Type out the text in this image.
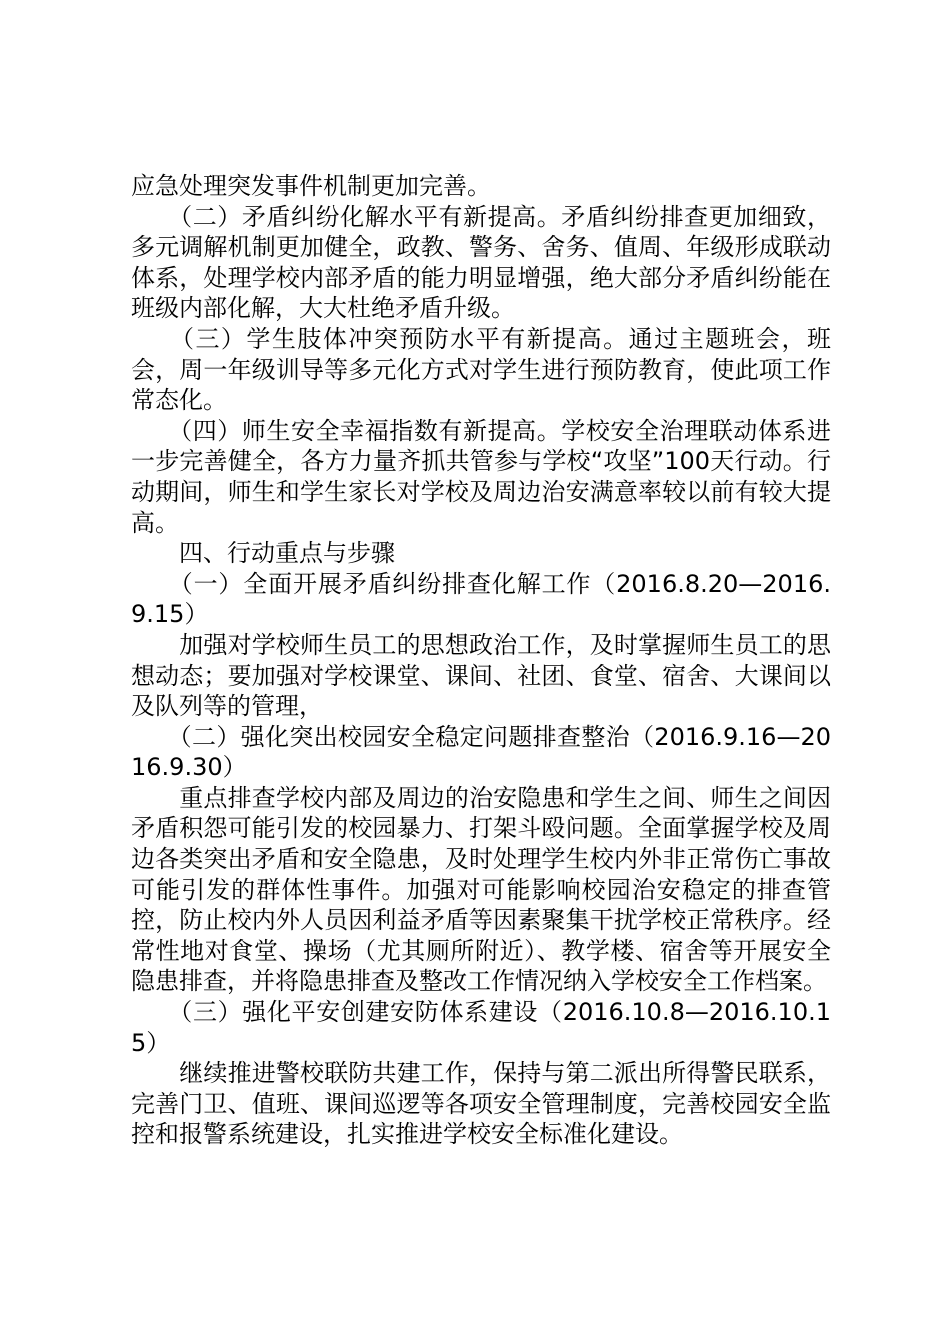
应急处理突发事件机制更加完善。

　　（二）矛盾纠纷化解水平有新提高。矛盾纠纷排查更加细致，多元调解机制更加健全，政教、警务、舍务、值周、年级形成联动体系，处理学校内部矛盾的能力明显增强，绝大部分矛盾纠纷能在班级内部化解，大大杜绝矛盾升级。

　　（三）学生肢体冲突预防水平有新提高。通过主题班会，班会，周一年级训导等多元化方式对学生进行预防教育，使此项工作常态化。

　　（四）师生安全幸福指数有新提高。学校安全治理联动体系进一步完善健全，各方力量齐抓共管参与学校“攻坚”100天行动。行动期间，师生和学生家长对学校及周边治安满意率较以前有较大提高。

　　四、行动重点与步骤

　　（一）全面开展矛盾纠纷排查化解工作（2016.8.20—2016.9.15）

　　加强对学校师生员工的思想政治工作，及时掌握师生员工的思想动态；要加强对学校课堂、课间、社团、食堂、宿舍、大课间以及队列等的管理，

　　（二）强化突出校园安全稳定问题排查整治（2016.9.16—2016.9.30）

　　重点排查学校内部及周边的治安隐患和学生之间、师生之间因矛盾积怨可能引发的校园暴力、打架斗殴问题。全面掌握学校及周边各类突出矛盾和安全隐患，及时处理学生校内外非正常伤亡事故可能引发的群体性事件。加强对可能影响校园治安稳定的排查管控，防止校内外人员因利益矛盾等因素聚集干扰学校正常秩序。经常性地对食堂、操场（尤其厕所附近）、教学楼、宿舍等开展安全隐患排查，并将隐患排查及整改工作情况纳入学校安全工作档案。

　　（三）强化平安创建安防体系建设（2016.10.8—2016.10.15）

　　继续推进警校联防共建工作，保持与第二派出所得警民联系，完善门卫、值班、课间巡逻等各项安全管理制度，完善校园安全监控和报警系统建设，扎实推进学校安全标准化建设。
